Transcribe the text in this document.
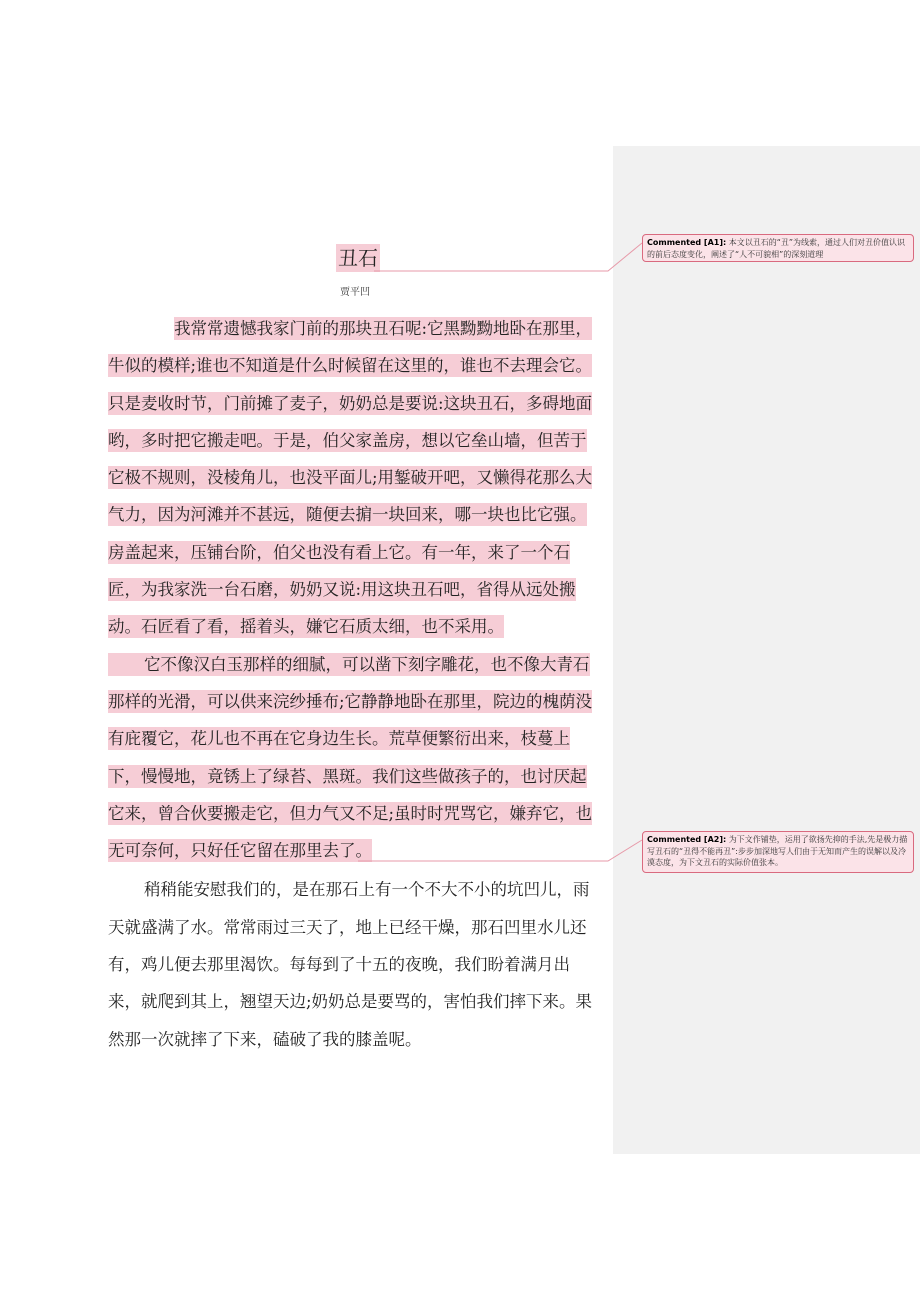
丑石
贾平凹

我常常遗憾我家门前的那块丑石呢:它黑黝黝地卧在那里，牛似的模样;谁也不知道是什么时候留在这里的，谁也不去理会它。只是麦收时节，门前摊了麦子，奶奶总是要说:这块丑石，多碍地面哟，多时把它搬走吧。于是，伯父家盖房，想以它垒山墙，但苦于它极不规则，没棱角儿，也没平面儿;用錾破开吧，又懒得花那么大气力，因为河滩并不甚远，随便去掮一块回来，哪一块也比它强。房盖起来，压铺台阶，伯父也没有看上它。有一年，来了一个石匠，为我家洗一台石磨，奶奶又说:用这块丑石吧，省得从远处搬动。石匠看了看，摇着头，嫌它石质太细，也不采用。

它不像汉白玉那样的细腻，可以凿下刻字雕花，也不像大青石那样的光滑，可以供来浣纱捶布;它静静地卧在那里，院边的槐荫没有庇覆它，花儿也不再在它身边生长。荒草便繁衍出来，枝蔓上下，慢慢地，竟锈上了绿苔、黑斑。我们这些做孩子的，也讨厌起它来，曾合伙要搬走它，但力气又不足;虽时时咒骂它，嫌弃它，也无可奈何，只好任它留在那里去了。

稍稍能安慰我们的，是在那石上有一个不大不小的坑凹儿，雨天就盛满了水。常常雨过三天了，地上已经干燥，那石凹里水儿还有，鸡儿便去那里渴饮。每每到了十五的夜晚，我们盼着满月出来，就爬到其上，翘望天边;奶奶总是要骂的，害怕我们摔下来。果然那一次就摔了下来，磕破了我的膝盖呢。

Commented [A1]: 本文以丑石的“丑”为线索，通过人们对丑价值认识的前后态度变化，阐述了“人不可貌相”的深刻道理
Commented [A2]: 为下文作铺垫，运用了欲扬先抑的手法,先是极力描写丑石的“丑得不能再丑”:步步加深地写人们由于无知而产生的误解以及冷漠态度，为下文丑石的实际价值张本。
